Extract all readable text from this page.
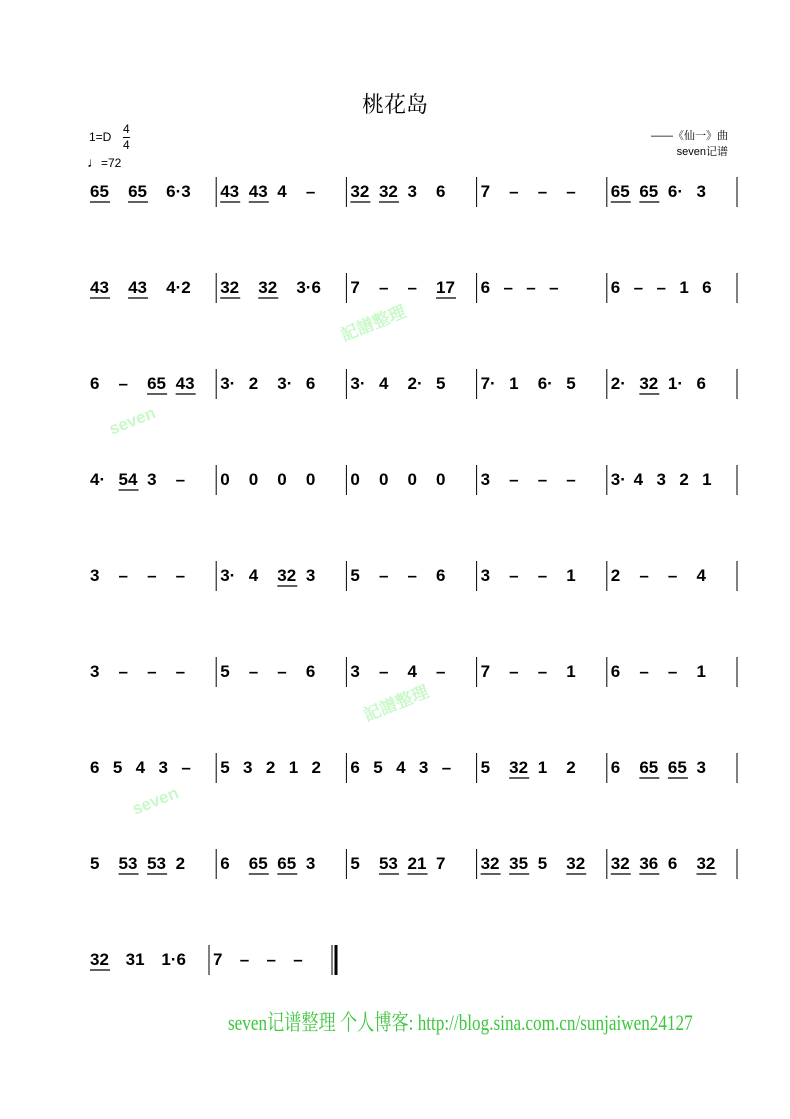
桃花岛
1=D
4
4
♩=72
——《仙一》曲
seven记谱
seven
記譜整理
seven
記譜整理
65 65 6·3 43 43 4 – 32 32 3 6 7 – – – 65 65 6· 3
43 43 4·2 32 32 3·6 7 – – 17 6 – – –	6 – – 1 6
6 – 65 43 3· 2 3· 6 3· 4 2· 5 7· 1 6· 5 2· 32 1· 6
4· 54 3 – 0 0 0 0 0 0 0 0 3 – – – 3· 4 3 2 1
3 – – – 3· 4 32 3 5 – – 6 3 – – 1 2 – – 4
3 – – – 5 – – 6 3 – 4 – 7 – – 1 6 – – 1
6 5 4 3 – 5 3 2 1 2 6 5 4 3 – 5 32 1 2 6 65 65 3
5 53 53 2 6 65 65 3 5 53 21 7 32 35 5 32 32 36 6 32
32 31 1·6 7 – – –
seven记谱整理 个人博客: http://blog.sina.com.cn/sunjaiwen24127
